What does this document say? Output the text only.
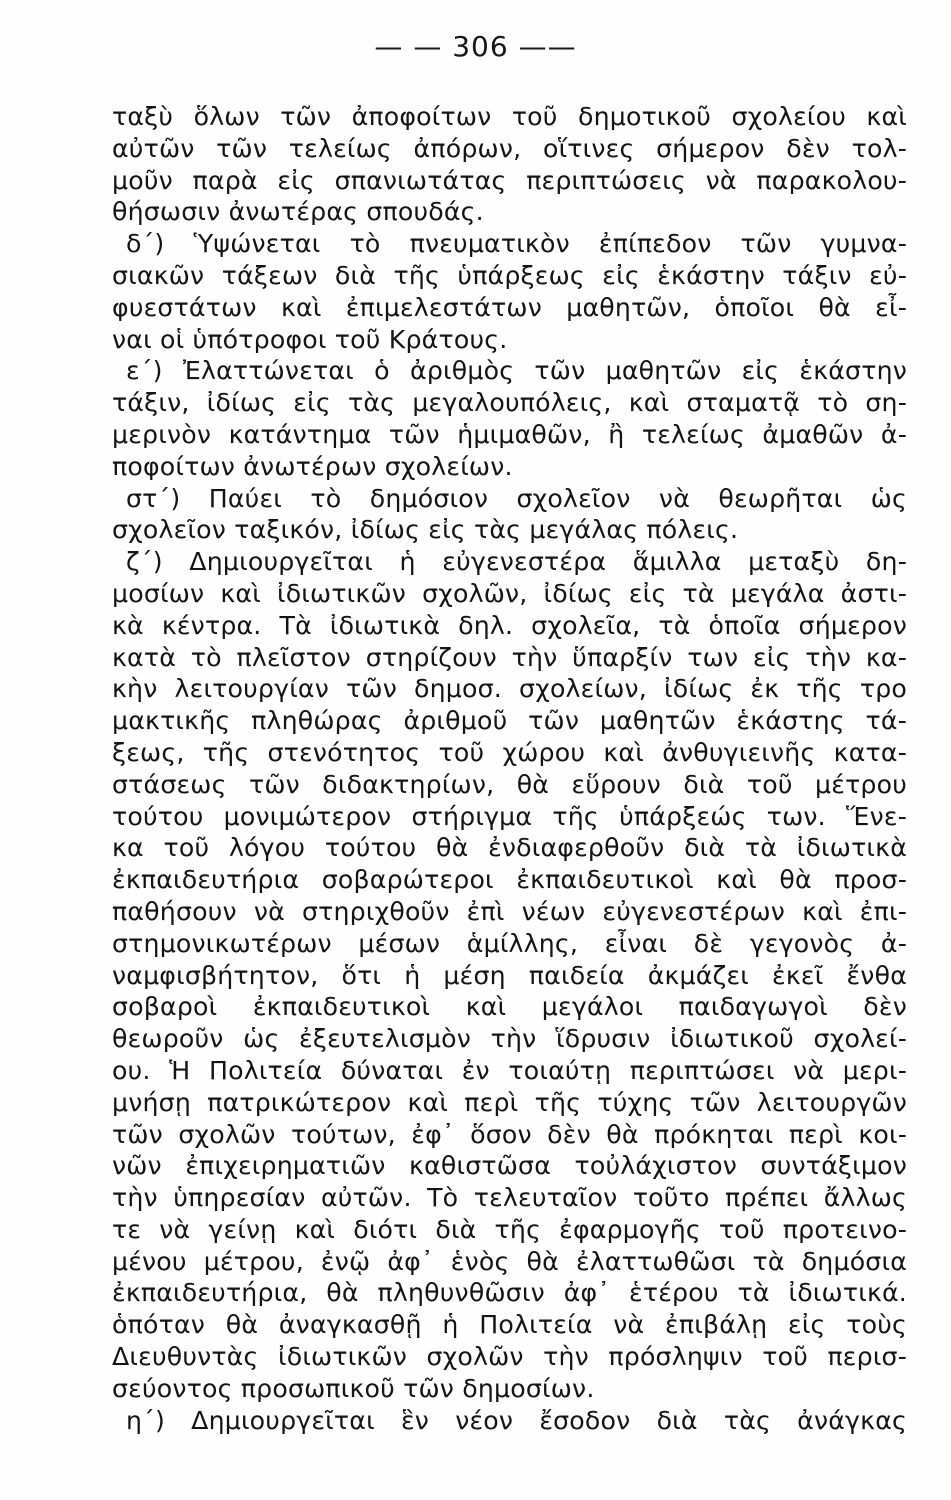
— — 306 ——
ταξὺ ὅλων τῶν ἀποφοίτων τοῦ δημοτικοῦ σχολείου καὶ
αὐτῶν τῶν τελείως ἀπόρων, οἵτινες σήμερον δὲν τολ-
μοῦν παρὰ εἰς σπανιωτάτας περιπτώσεις νὰ παρακολου-
θήσωσιν ἀνωτέρας σπουδάς.
δ΄) Ὑψώνεται τὸ πνευματικὸν ἐπίπεδον τῶν γυμνα-
σιακῶν τάξεων διὰ τῆς ὑπάρξεως εἰς ἑκάστην τάξιν εὐ-
φυεστάτων καὶ ἐπιμελεστάτων μαθητῶν, ὁποῖοι θὰ εἶ-
ναι οἱ ὑπότροφοι τοῦ Κράτους.
ε΄) Ἐλαττώνεται ὁ ἀριθμὸς τῶν μαθητῶν εἰς ἑκάστην
τάξιν, ἰδίως εἰς τὰς μεγαλουπόλεις, καὶ σταματᾷ τὸ ση-
μερινὸν κατάντημα τῶν ἡμιμαθῶν, ἢ τελείως ἀμαθῶν ἀ-
ποφοίτων ἀνωτέρων σχολείων.
στ΄) Παύει τὸ δημόσιον σχολεῖον νὰ θεωρῆται ὡς
σχολεῖον ταξικόν, ἰδίως εἰς τὰς μεγάλας πόλεις.
ζ΄) Δημιουργεῖται ἡ εὐγενεστέρα ἅμιλλα μεταξὺ δη-
μοσίων καὶ ἰδιωτικῶν σχολῶν, ἰδίως εἰς τὰ μεγάλα ἀστι-
κὰ κέντρα. Τὰ ἰδιωτικὰ δηλ. σχολεῖα, τὰ ὁποῖα σήμερον
κατὰ τὸ πλεῖστον στηρίζουν τὴν ὕπαρξίν των εἰς τὴν κα-
κὴν λειτουργίαν τῶν δημοσ. σχολείων, ἰδίως ἐκ τῆς τρο
μακτικῆς πληθώρας ἀριθμοῦ τῶν μαθητῶν ἑκάστης τά-
ξεως, τῆς στενότητος τοῦ χώρου καὶ ἀνθυγιεινῆς κατα-
στάσεως τῶν διδακτηρίων, θὰ εὕρουν διὰ τοῦ μέτρου
τούτου μονιμώτερον στήριγμα τῆς ὑπάρξεώς των. Ἕνε-
κα τοῦ λόγου τούτου θὰ ἐνδιαφερθοῦν διὰ τὰ ἰδιωτικὰ
ἐκπαιδευτήρια σοβαρώτεροι ἐκπαιδευτικοὶ καὶ θὰ προσ-
παθήσουν νὰ στηριχθοῦν ἐπὶ νέων εὐγενεστέρων καὶ ἐπι-
στημονικωτέρων μέσων ἁμίλλης, εἶναι δὲ γεγονὸς ἀ-
ναμφισβήτητον, ὅτι ἡ μέση παιδεία ἀκμάζει ἐκεῖ ἔνθα
σοβαροὶ ἐκπαιδευτικοὶ καὶ μεγάλοι παιδαγωγοὶ δὲν
θεωροῦν ὡς ἐξευτελισμὸν τὴν ἵδρυσιν ἰδιωτικοῦ σχολεί-
ου. Ἡ Πολιτεία δύναται ἐν τοιαύτῃ περιπτώσει νὰ μερι-
μνήσῃ πατρικώτερον καὶ περὶ τῆς τύχης τῶν λειτουργῶν
τῶν σχολῶν τούτων, ἐφ᾽ ὅσον δὲν θὰ πρόκηται περὶ κοι-
νῶν ἐπιχειρηματιῶν καθιστῶσα τοὐλάχιστον συντάξιμον
τὴν ὑπηρεσίαν αὐτῶν. Τὸ τελευταῖον τοῦτο πρέπει ἄλλως
τε νὰ γείνῃ καὶ διότι διὰ τῆς ἐφαρμογῆς τοῦ προτεινο-
μένου μέτρου, ἐνῷ ἀφ᾽ ἑνὸς θὰ ἐλαττωθῶσι τὰ δημόσια
ἐκπαιδευτήρια, θὰ πληθυνθῶσιν ἀφ᾽ ἑτέρου τὰ ἰδιωτικά.
ὁπόταν θὰ ἀναγκασθῇ ἡ Πολιτεία νὰ ἐπιβάλῃ εἰς τοὺς
Διευθυντὰς ἰδιωτικῶν σχολῶν τὴν πρόσληψιν τοῦ περισ-
σεύοντος προσωπικοῦ τῶν δημοσίων.
η΄) Δημιουργεῖται ἓν νέον ἔσοδον διὰ τὰς ἀνάγκας
